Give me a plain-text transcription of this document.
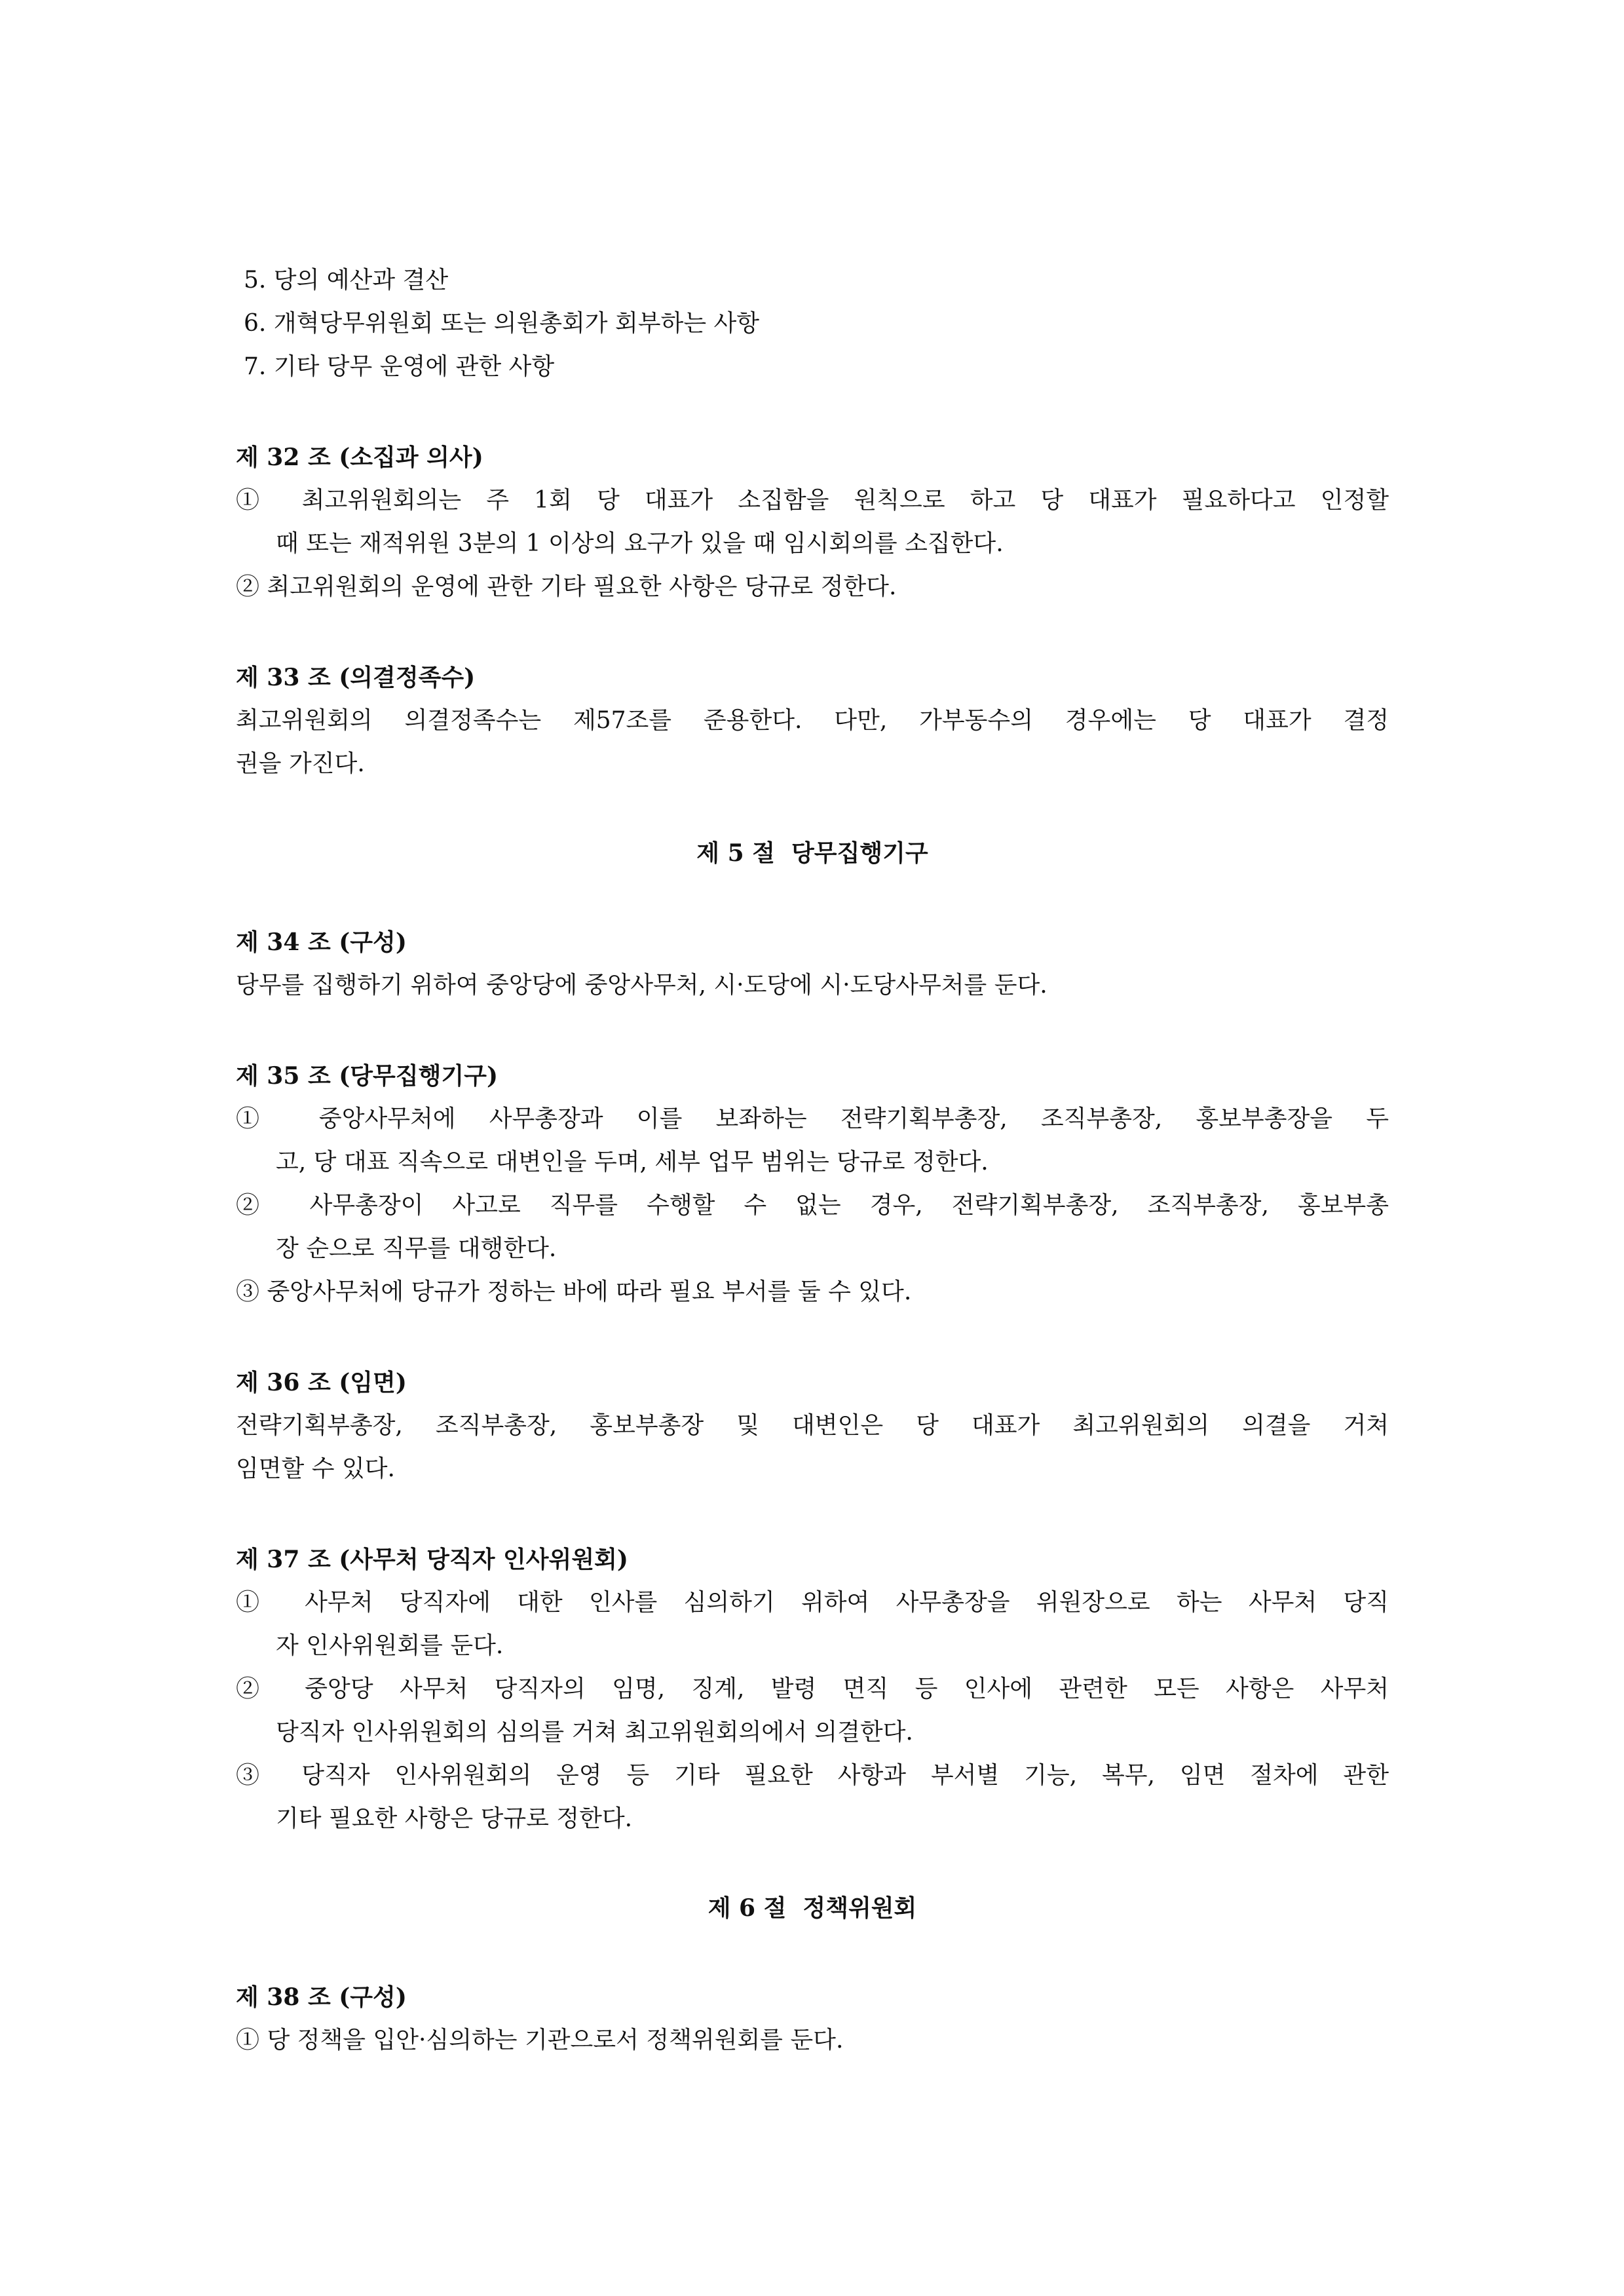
5. 당의 예산과 결산
6. 개혁당무위원회 또는 의원총회가 회부하는 사항
7. 기타 당무 운영에 관한 사항
제 32 조 (소집과 의사)
① 최고위원회의는 주 1회 당 대표가 소집함을 원칙으로 하고 당 대표가 필요하다고 인정할
때 또는 재적위원 3분의 1 이상의 요구가 있을 때 임시회의를 소집한다.
② 최고위원회의 운영에 관한 기타 필요한 사항은 당규로 정한다.
제 33 조 (의결정족수)
최고위원회의 의결정족수는 제57조를 준용한다. 다만, 가부동수의 경우에는 당 대표가 결정
권을 가진다.
제 5 절  당무집행기구
제 34 조 (구성)
당무를 집행하기 위하여 중앙당에 중앙사무처, 시·도당에 시·도당사무처를 둔다.
제 35 조 (당무집행기구)
① 중앙사무처에 사무총장과 이를 보좌하는 전략기획부총장, 조직부총장, 홍보부총장을 두
고, 당 대표 직속으로 대변인을 두며, 세부 업무 범위는 당규로 정한다.
② 사무총장이 사고로 직무를 수행할 수 없는 경우, 전략기획부총장, 조직부총장, 홍보부총
장 순으로 직무를 대행한다.
③ 중앙사무처에 당규가 정하는 바에 따라 필요 부서를 둘 수 있다.
제 36 조 (임면)
전략기획부총장, 조직부총장, 홍보부총장 및 대변인은 당 대표가 최고위원회의 의결을 거쳐
임면할 수 있다.
제 37 조 (사무처 당직자 인사위원회)
① 사무처 당직자에 대한 인사를 심의하기 위하여 사무총장을 위원장으로 하는 사무처 당직
자 인사위원회를 둔다.
② 중앙당 사무처 당직자의 임명, 징계, 발령 면직 등 인사에 관련한 모든 사항은 사무처
당직자 인사위원회의 심의를 거쳐 최고위원회의에서 의결한다.
③ 당직자 인사위원회의 운영 등 기타 필요한 사항과 부서별 기능, 복무, 임면 절차에 관한
기타 필요한 사항은 당규로 정한다.
제 6 절  정책위원회
제 38 조 (구성)
① 당 정책을 입안·심의하는 기관으로서 정책위원회를 둔다.
